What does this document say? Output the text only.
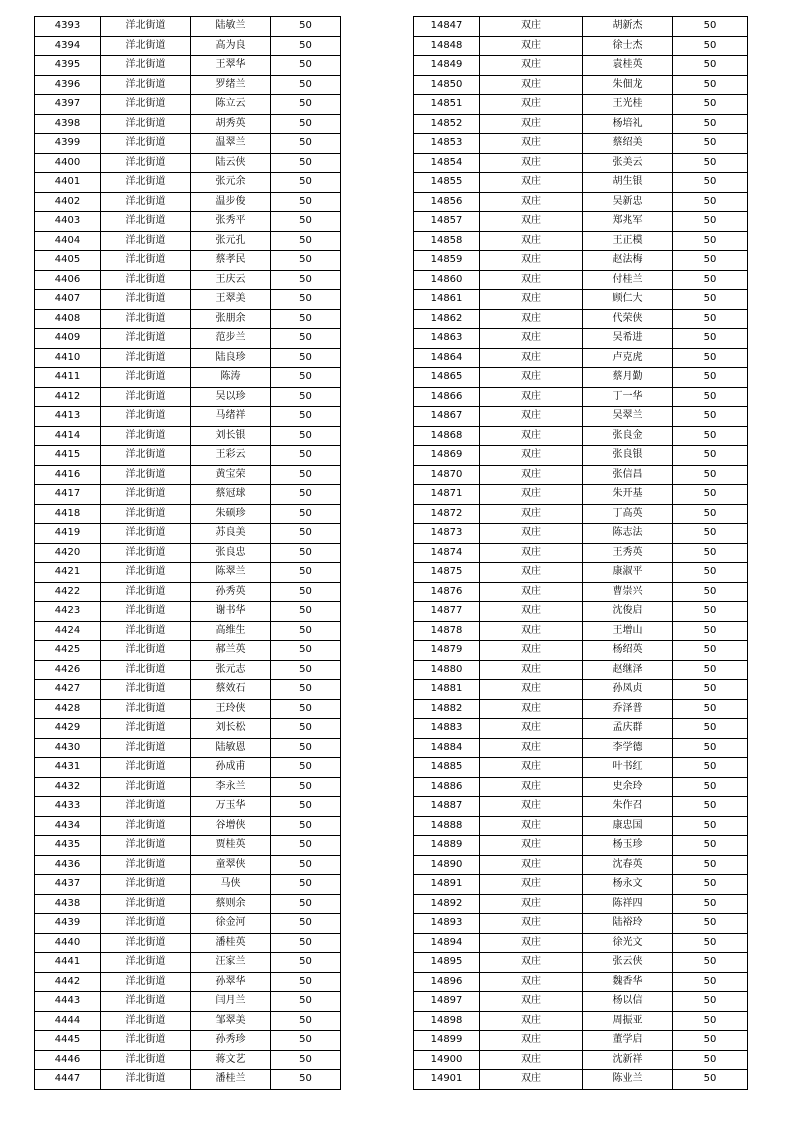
4393	洋北街道	陆敏兰	50
4394	洋北街道	高为良	50
4395	洋北街道	王翠华	50
4396	洋北街道	罗绪兰	50
4397	洋北街道	陈立云	50
4398	洋北街道	胡秀英	50
4399	洋北街道	温翠兰	50
4400	洋北街道	陆云侠	50
4401	洋北街道	张元余	50
4402	洋北街道	温步俊	50
4403	洋北街道	张秀平	50
4404	洋北街道	张元孔	50
4405	洋北街道	蔡孝民	50
4406	洋北街道	王庆云	50
4407	洋北街道	王翠美	50
4408	洋北街道	张朋余	50
4409	洋北街道	范步兰	50
4410	洋北街道	陆良珍	50
4411	洋北街道	陈涛	50
4412	洋北街道	吴以珍	50
4413	洋北街道	马绪祥	50
4414	洋北街道	刘长银	50
4415	洋北街道	王彩云	50
4416	洋北街道	黄宝荣	50
4417	洋北街道	蔡冠球	50
4418	洋北街道	朱硕珍	50
4419	洋北街道	苏良美	50
4420	洋北街道	张良忠	50
4421	洋北街道	陈翠兰	50
4422	洋北街道	孙秀英	50
4423	洋北街道	谢书华	50
4424	洋北街道	高维生	50
4425	洋北街道	郝兰英	50
4426	洋北街道	张元志	50
4427	洋北街道	蔡效石	50
4428	洋北街道	王玲侠	50
4429	洋北街道	刘长松	50
4430	洋北街道	陆敏恩	50
4431	洋北街道	孙成甫	50
4432	洋北街道	李永兰	50
4433	洋北街道	万玉华	50
4434	洋北街道	谷增侠	50
4435	洋北街道	贾桂英	50
4436	洋北街道	童翠侠	50
4437	洋北街道	马侠	50
4438	洋北街道	蔡则余	50
4439	洋北街道	徐金河	50
4440	洋北街道	潘桂英	50
4441	洋北街道	汪家兰	50
4442	洋北街道	孙翠华	50
4443	洋北街道	闫月兰	50
4444	洋北街道	邹翠美	50
4445	洋北街道	孙秀珍	50
4446	洋北街道	蒋文艺	50
4447	洋北街道	潘桂兰	50
14847	双庄	胡新杰	50
14848	双庄	徐士杰	50
14849	双庄	袁桂英	50
14850	双庄	朱佃龙	50
14851	双庄	王光桂	50
14852	双庄	杨培礼	50
14853	双庄	蔡绍美	50
14854	双庄	张美云	50
14855	双庄	胡生银	50
14856	双庄	吴新忠	50
14857	双庄	郑兆军	50
14858	双庄	王正模	50
14859	双庄	赵法梅	50
14860	双庄	付桂兰	50
14861	双庄	顾仁大	50
14862	双庄	代荣侠	50
14863	双庄	吴希进	50
14864	双庄	卢克虎	50
14865	双庄	蔡月勤	50
14866	双庄	丁一华	50
14867	双庄	吴翠兰	50
14868	双庄	张良金	50
14869	双庄	张良银	50
14870	双庄	张信昌	50
14871	双庄	朱开基	50
14872	双庄	丁高英	50
14873	双庄	陈志法	50
14874	双庄	王秀英	50
14875	双庄	康淑平	50
14876	双庄	曹崇兴	50
14877	双庄	沈俊启	50
14878	双庄	王增山	50
14879	双庄	杨绍英	50
14880	双庄	赵继泽	50
14881	双庄	孙凤贞	50
14882	双庄	乔泽普	50
14883	双庄	孟庆群	50
14884	双庄	李学德	50
14885	双庄	叶书红	50
14886	双庄	史余玲	50
14887	双庄	朱作召	50
14888	双庄	康忠国	50
14889	双庄	杨玉珍	50
14890	双庄	沈春英	50
14891	双庄	杨永文	50
14892	双庄	陈祥四	50
14893	双庄	陆裕玲	50
14894	双庄	徐光文	50
14895	双庄	张云侠	50
14896	双庄	魏香华	50
14897	双庄	杨以信	50
14898	双庄	周振亚	50
14899	双庄	董学启	50
14900	双庄	沈新祥	50
14901	双庄	陈业兰	50
